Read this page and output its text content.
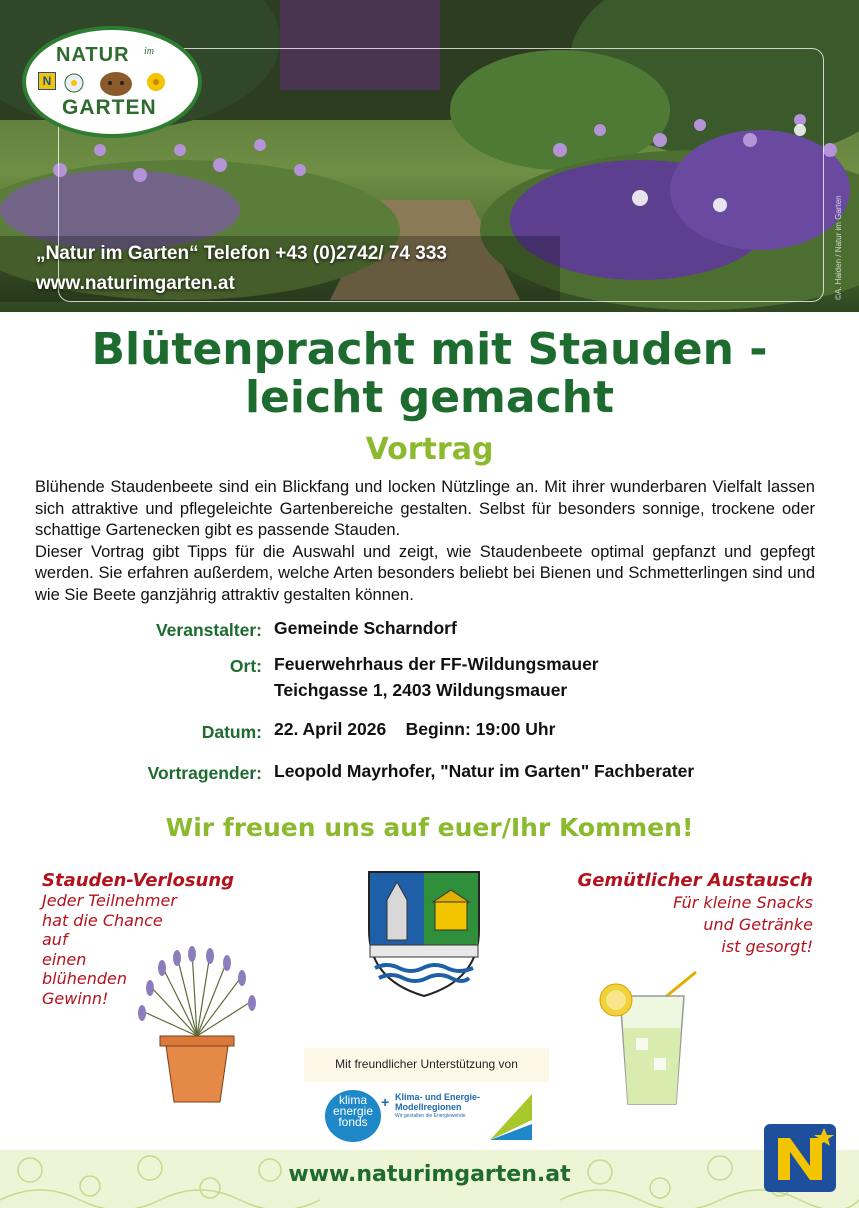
NATUR im
N
GARTEN
„Natur im Garten“ Telefon +43 (0)2742/ 74 333
www.naturimgarten.at	©A. Haiden / Natur im Garten
Blütenpracht mit Stauden -
leicht gemacht
Vortrag

Blühende Staudenbeete sind ein Blickfang und locken Nützlinge an. Mit ihrer wunderbaren Vielfalt lassen sich attraktive und pflegeleichte Gartenbereiche gestalten. Selbst für besonders sonnige, trockene oder schattige Gartenecken gibt es passende Stauden.

Dieser Vortrag gibt Tipps für die Auswahl und zeigt, wie Staudenbeete optimal gepfanzt und gepfegt werden. Sie erfahren außerdem, welche Arten besonders beliebt bei Bienen und Schmetterlingen sind und wie Sie Beete ganzjährig attraktiv gestalten können.

Veranstalter: Gemeinde Scharndorf
Ort: Feuerwehrhaus der FF-Wildungsmauer
Teichgasse 1, 2403 Wildungsmauer
Datum: 22. April 2026    Beginn: 19:00 Uhr
Vortragender: Leopold Mayrhofer, "Natur im Garten" Fachberater
Wir freuen uns auf euer/Ihr Kommen!
Stauden-Verlosung
Jeder Teilnehmer
hat die Chance
auf
einen
blühenden
Gewinn!
Gemütlicher Austausch
Für kleine Snacks
und Getränke
ist gesorgt!
Mit freundlicher Unterstützung von
klima
energie
fonds
+ Klima- und Energie-
Modellregionen
Wir gestalten die Energiewende
www.naturimgarten.at
